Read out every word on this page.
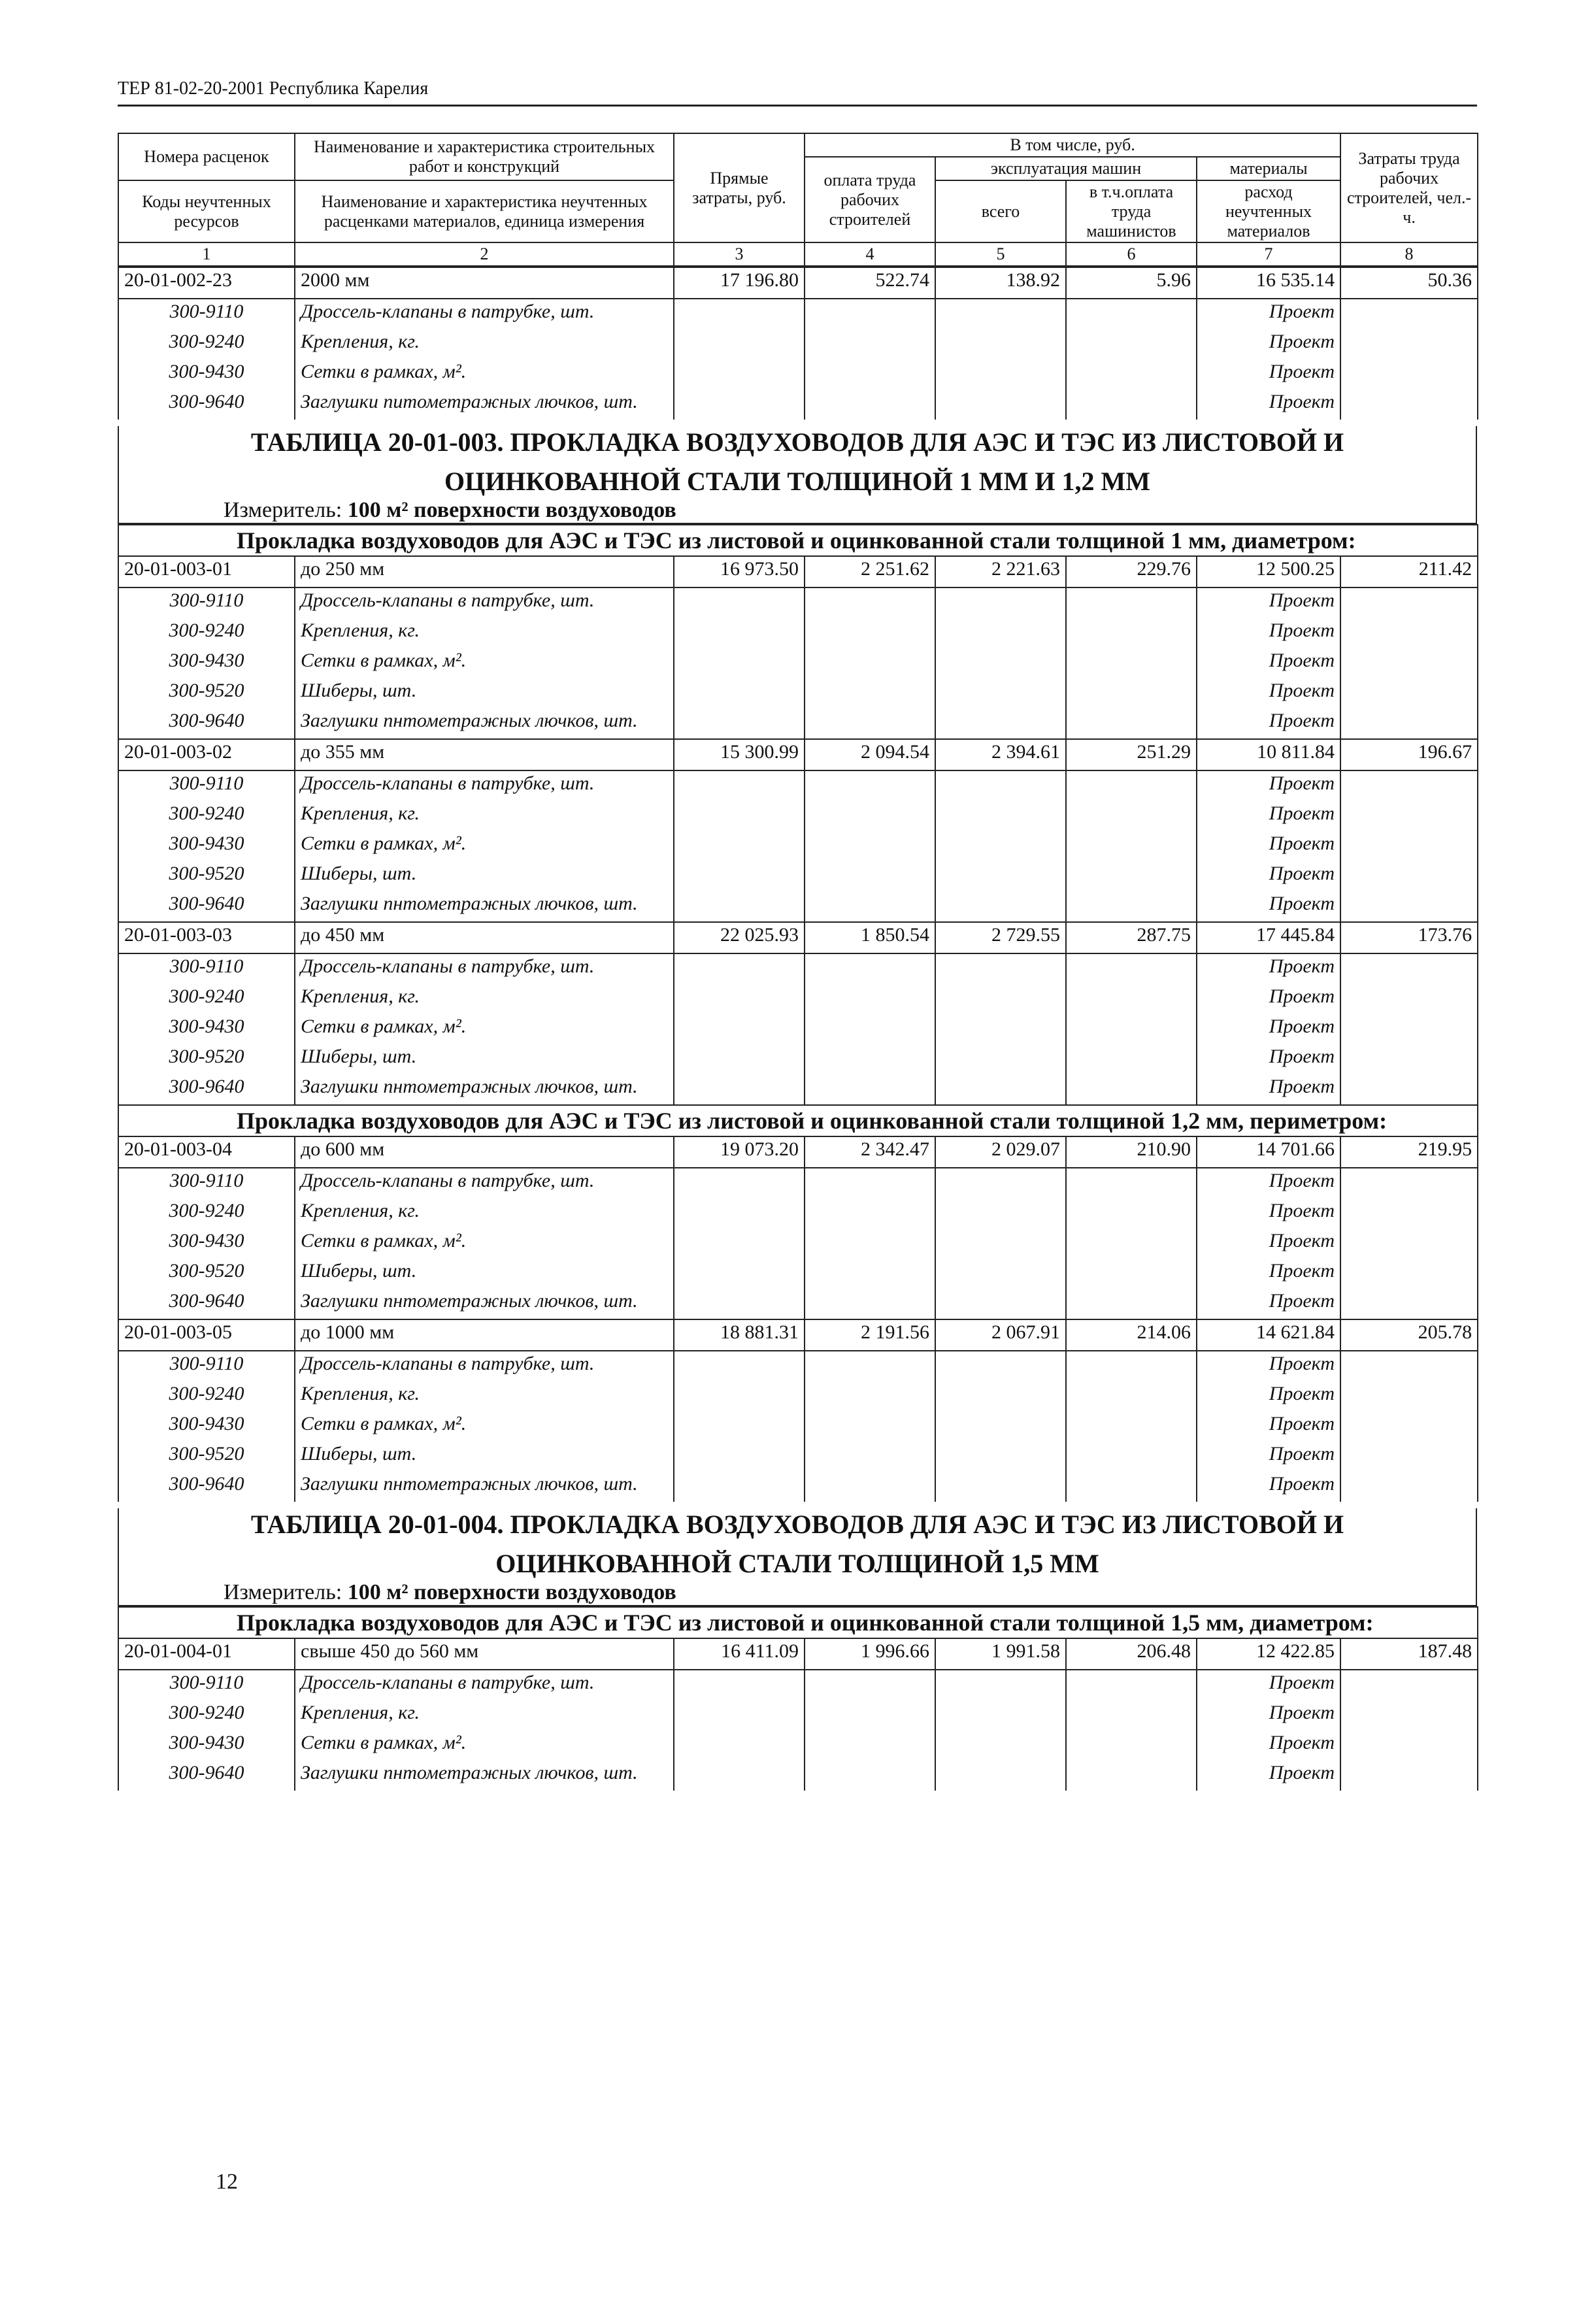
ТЕР 81-02-20-2001 Республика Карелия
Номера расценок	Наименование и характеристика строительных работ и конструкций	Прямые затраты, руб.	В том числе, руб.				Затраты труда рабочих строителей, чел.-ч.
			оплата труда рабочих строителей	эксплуатация машин		материалы	
Коды неучтенных ресурсов	Наименование и характеристика неучтенных расценками материалов, единица измерения			всего	в т.ч.оплата труда машинистов	расход неучтенных материалов	

1	2	3	4	5	6	7	8
20-01-002-23	2000 мм	17 196.80	522.74	138.92	5.96	16 535.14	50.36
300-9110	Дроссель-клапаны в патрубке, шт.					Проект	
300-9240	Крепления, кг.					Проект	
300-9430	Сетки в рамках, м².					Проект	
300-9640	Заглушки питометражных лючков, шт.					Проект	
ТАБЛИЦА 20-01-003. ПРОКЛАДКА ВОЗДУХОВОДОВ ДЛЯ АЭС И ТЭС ИЗ ЛИСТОВОЙ И
ОЦИНКОВАННОЙ СТАЛИ ТОЛЩИНОЙ 1 ММ И 1,2 ММ
Измеритель: 100 м² поверхности воздуховодов
Прокладка воздуховодов для АЭС и ТЭС из листовой и оцинкованной стали толщиной 1 мм, диаметром:							
20-01-003-01	до 250 мм	16 973.50	2 251.62	2 221.63	229.76	12 500.25	211.42
300-9110	Дроссель-клапаны в патрубке, шт.					Проект	
300-9240	Крепления, кг.					Проект	
300-9430	Сетки в рамках, м².					Проект	
300-9520	Шиберы, шт.					Проект	
300-9640	Заглушки пнтометражных лючков, шт.					Проект	
20-01-003-02	до 355 мм	15 300.99	2 094.54	2 394.61	251.29	10 811.84	196.67
300-9110	Дроссель-клапаны в патрубке, шт.					Проект	
300-9240	Крепления, кг.					Проект	
300-9430	Сетки в рамках, м².					Проект	
300-9520	Шиберы, шт.					Проект	
300-9640	Заглушки пнтометражных лючков, шт.					Проект	
20-01-003-03	до 450 мм	22 025.93	1 850.54	2 729.55	287.75	17 445.84	173.76
300-9110	Дроссель-клапаны в патрубке, шт.					Проект	
300-9240	Крепления, кг.					Проект	
300-9430	Сетки в рамках, м².					Проект	
300-9520	Шиберы, шт.					Проект	
300-9640	Заглушки пнтометражных лючков, шт.					Проект	
Прокладка воздуховодов для АЭС и ТЭС из листовой и оцинкованной стали толщиной 1,2 мм, периметром:							
20-01-003-04	до 600 мм	19 073.20	2 342.47	2 029.07	210.90	14 701.66	219.95
300-9110	Дроссель-клапаны в патрубке, шт.					Проект	
300-9240	Крепления, кг.					Проект	
300-9430	Сетки в рамках, м².					Проект	
300-9520	Шиберы, шт.					Проект	
300-9640	Заглушки пнтометражных лючков, шт.					Проект	
20-01-003-05	до 1000 мм	18 881.31	2 191.56	2 067.91	214.06	14 621.84	205.78
300-9110	Дроссель-клапаны в патрубке, шт.					Проект	
300-9240	Крепления, кг.					Проект	
300-9430	Сетки в рамках, м².					Проект	
300-9520	Шиберы, шт.					Проект	
300-9640	Заглушки пнтометражных лючков, шт.					Проект	
ТАБЛИЦА 20-01-004. ПРОКЛАДКА ВОЗДУХОВОДОВ ДЛЯ АЭС И ТЭС ИЗ ЛИСТОВОЙ И
ОЦИНКОВАННОЙ СТАЛИ ТОЛЩИНОЙ 1,5 ММ
Измеритель: 100 м² поверхности воздуховодов
Прокладка воздуховодов для АЭС и ТЭС из листовой и оцинкованной стали толщиной 1,5 мм, диаметром:							
20-01-004-01	свыше 450 до 560 мм	16 411.09	1 996.66	1 991.58	206.48	12 422.85	187.48
300-9110	Дроссель-клапаны в патрубке, шт.					Проект	
300-9240	Крепления, кг.					Проект	
300-9430	Сетки в рамках, м².					Проект	
300-9640	Заглушки пнтометражных лючков, шт.					Проект	
12
